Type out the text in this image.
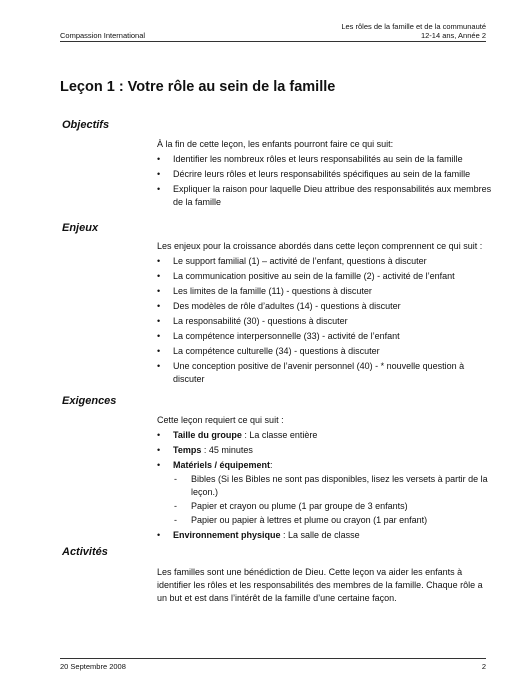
Compassion International
Les rôles de la famille et de la communauté
12-14 ans, Année 2
Leçon 1 : Votre rôle au sein de la famille
Objectifs
À la fin de cette leçon, les enfants pourront faire ce qui suit:
• Identifier les nombreux rôles et leurs responsabilités au sein de la famille
• Décrire leurs rôles et leurs responsabilités spécifiques au sein de la famille
• Expliquer la raison pour laquelle Dieu attribue des responsabilités aux membres de la famille
Enjeux
Les enjeux pour la croissance abordés dans cette leçon comprennent ce qui suit :
• Le support familial (1) – activité de l’enfant, questions à discuter
• La communication positive au sein de la famille (2) - activité de l’enfant
• Les limites de la famille (11) - questions à discuter
• Des modèles de rôle d’adultes (14) - questions à discuter
• La responsabilité (30) - questions à discuter
• La compétence interpersonnelle (33) - activité de l’enfant
• La compétence culturelle (34) - questions à discuter
• Une conception positive de l’avenir personnel (40) - * nouvelle question à discuter
Exigences
Cette leçon requiert ce qui suit :
• Taille du groupe : La classe entière
• Temps : 45 minutes
• Matériels / équipement:
- Bibles (Si les Bibles ne sont pas disponibles, lisez les versets à partir de la leçon.)
- Papier et crayon ou plume (1 par groupe de 3 enfants)
- Papier ou papier à lettres et plume ou crayon (1 par enfant)
• Environnement physique : La salle de classe
Activités
Les familles sont une bénédiction de Dieu. Cette leçon va aider les enfants à identifier les rôles et les responsabilités des membres de la famille. Chaque rôle a un but et est dans l’intérêt de la famille d’une certaine façon.
20 Septembre 2008	2
